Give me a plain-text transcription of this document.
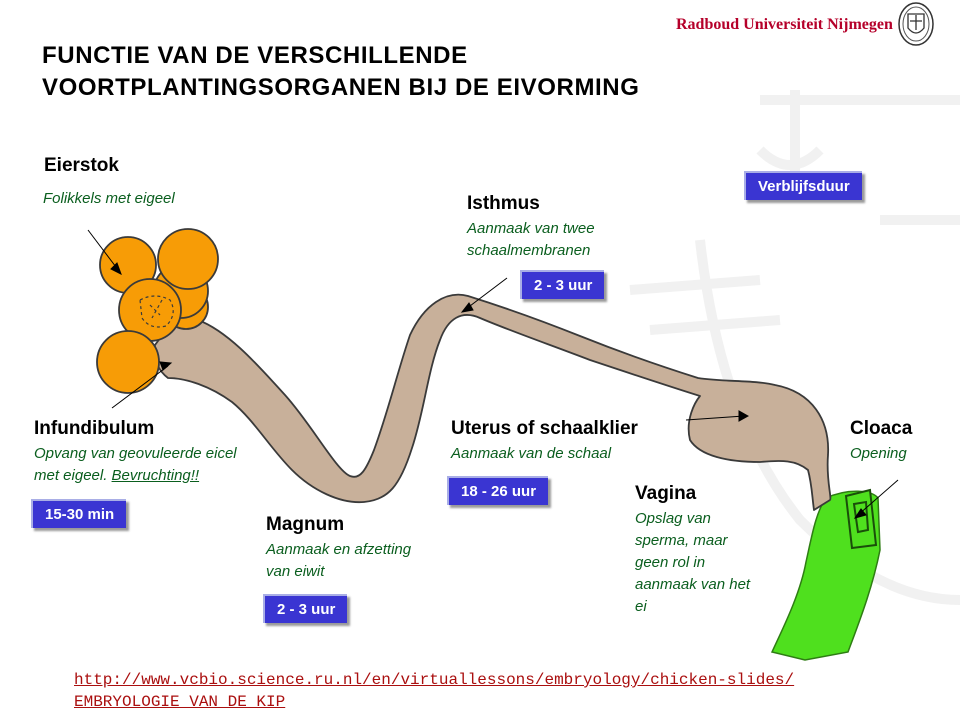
Radboud Universiteit Nijmegen
FUNCTIE VAN DE VERSCHILLENDE
VOORTPLANTINGSORGANEN BIJ DE EIVORMING
Eierstok
Folikkels met eigeel	Isthmus
Aanmaak van twee
schaalmembranen
2 - 3 uur
Verblijfsduur
Infundibulum
Opvang van geovuleerde eicel
met eigeel. Bevruchting!!
15-30 min	Magnum
Aanmaak en afzetting
van eiwit
2 - 3 uur
Uterus of schaalklier
Aanmaak van de schaal
18 - 26 uur	Vagina
Opslag van
sperma, maar
geen rol in
aanmaak van het
ei
Cloaca
Opening
http://www.vcbio.science.ru.nl/en/virtuallessons/embryology/chicken-slides/
EMBRYOLOGIE VAN DE KIP
